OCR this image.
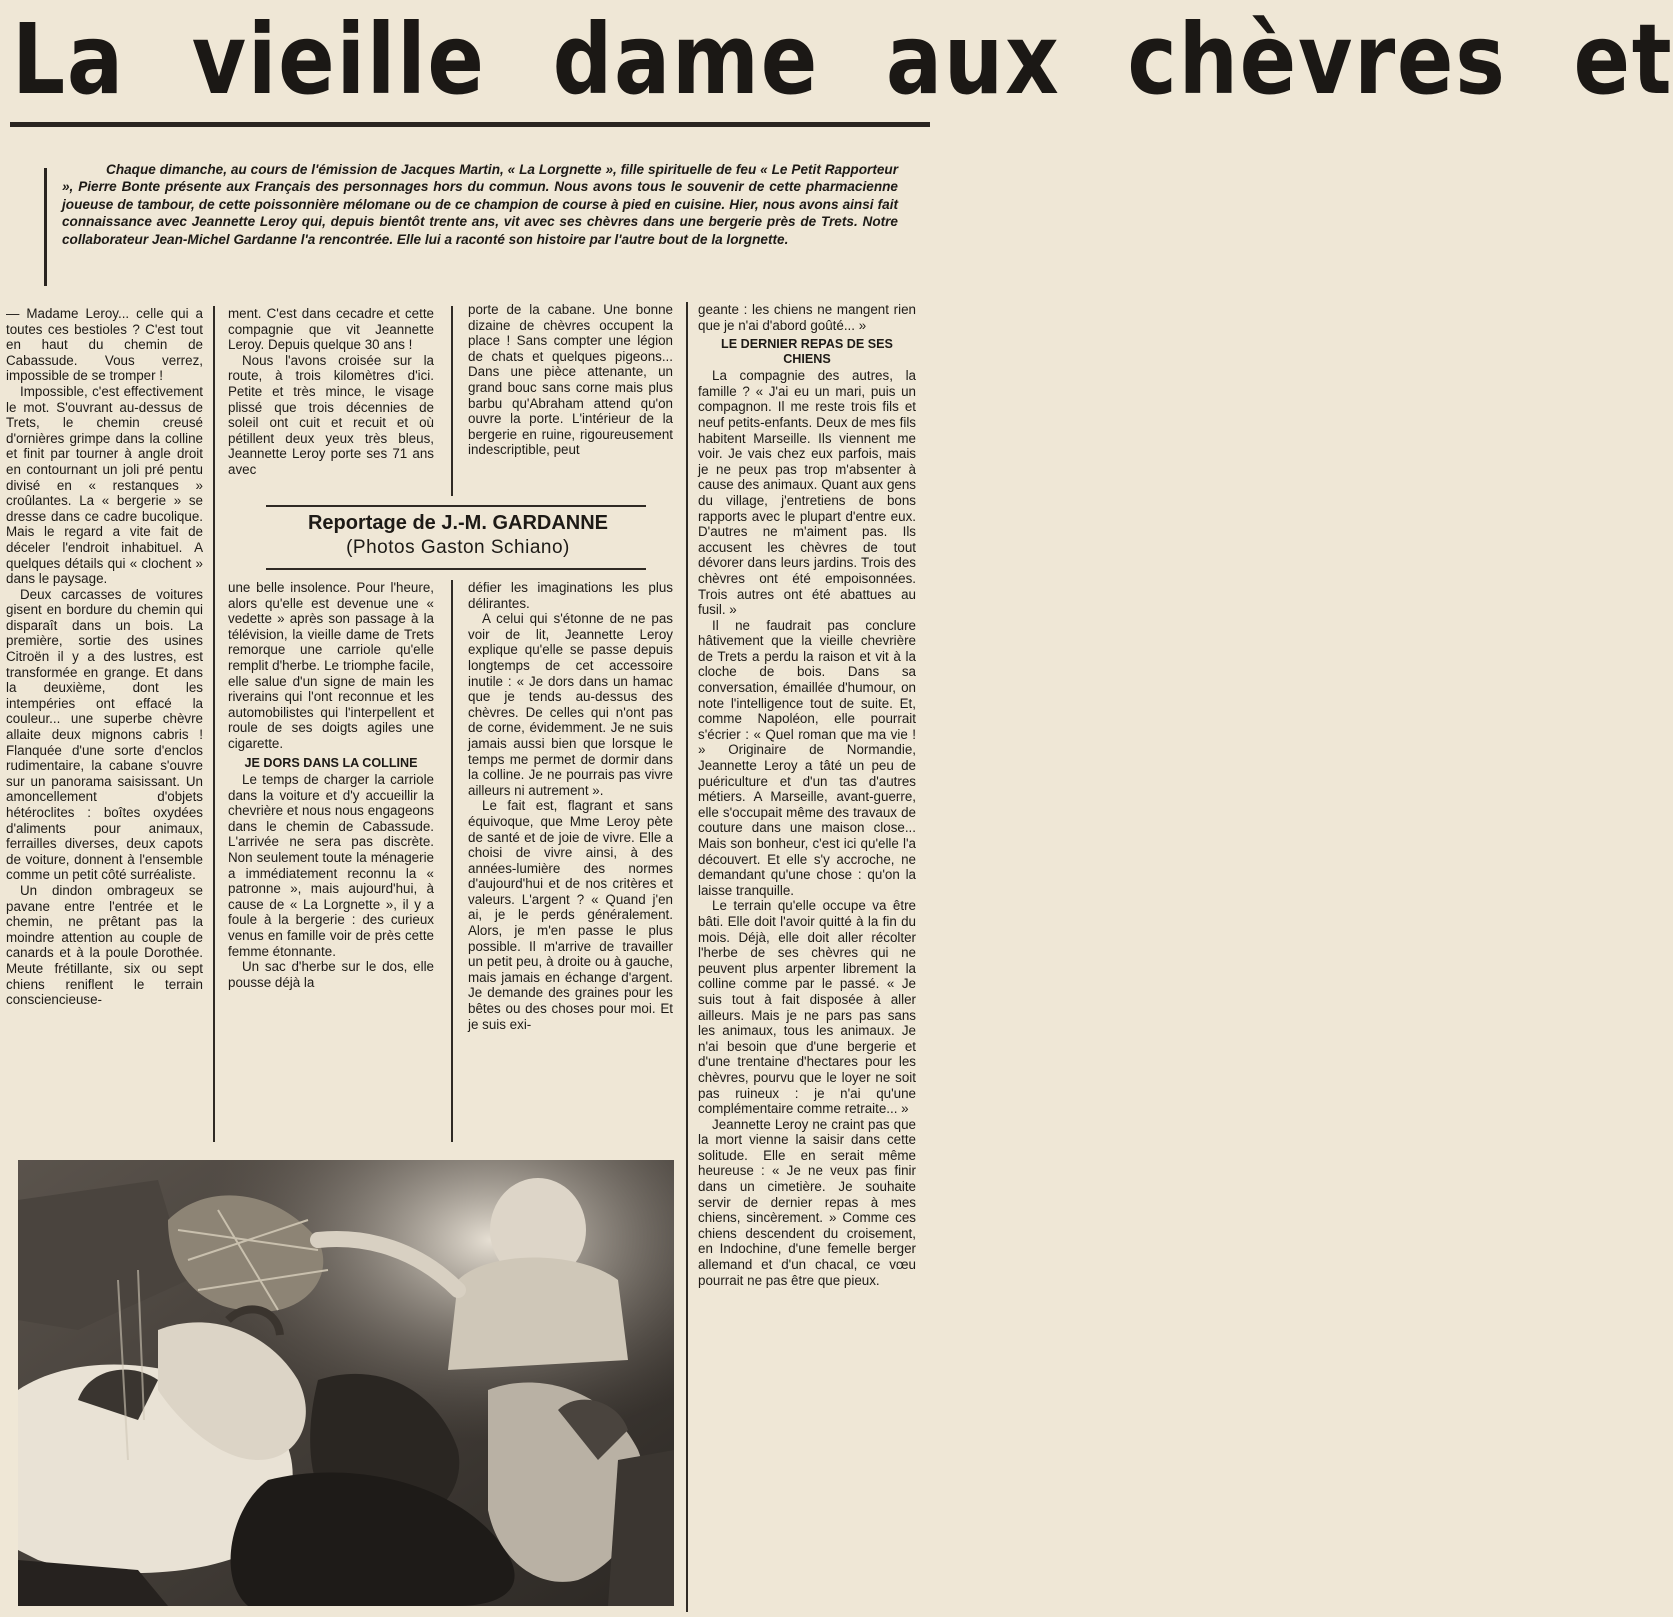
La vieille dame aux chèvres et

Chaque dimanche, au cours de l'émission de Jacques Martin, « La Lorgnette », fille spirituelle de feu « Le Petit Rapporteur », Pierre Bonte présente aux Français des personnages hors du commun. Nous avons tous le souvenir de cette pharmacienne joueuse de tambour, de cette poissonnière mélomane ou de ce champion de course à pied en cuisine. Hier, nous avons ainsi fait connaissance avec Jeannette Leroy qui, depuis bientôt trente ans, vit avec ses chèvres dans une bergerie près de Trets. Notre collaborateur Jean-Michel Gardanne l'a rencontrée. Elle lui a raconté son histoire par l'autre bout de la lorgnette.

— Madame Leroy... celle qui a toutes ces bestioles ? C'est tout en haut du chemin de Cabassude. Vous verrez, impossible de se tromper !

Impossible, c'est effectivement le mot. S'ouvrant au-dessus de Trets, le chemin creusé d'ornières grimpe dans la colline et finit par tourner à angle droit en contournant un joli pré pentu divisé en « restanques » croûlantes. La « bergerie » se dresse dans ce cadre bucolique. Mais le regard a vite fait de déceler l'endroit inhabituel. A quelques détails qui « clochent » dans le paysage.

Deux carcasses de voitures gisent en bordure du chemin qui disparaît dans un bois. La première, sortie des usines Citroën il y a des lustres, est transformée en grange. Et dans la deuxième, dont les intempéries ont effacé la couleur... une superbe chèvre allaite deux mignons cabris ! Flanquée d'une sorte d'enclos rudimentaire, la cabane s'ouvre sur un panorama saisissant. Un amoncellement d'objets hétéroclites : boîtes oxydées d'aliments pour animaux, ferrailles diverses, deux capots de voiture, donnent à l'ensemble comme un petit côté surréaliste.

Un dindon ombrageux se pavane entre l'entrée et le chemin, ne prêtant pas la moindre attention au couple de canards et à la poule Dorothée. Meute frétillante, six ou sept chiens reniflent le terrain consciencieuse-

ment. C'est dans cecadre et cette compagnie que vit Jeannette Leroy. Depuis quelque 30 ans !

Nous l'avons croisée sur la route, à trois kilomètres d'ici. Petite et très mince, le visage plissé que trois décennies de soleil ont cuit et recuit et où pétillent deux yeux très bleus, Jeannette Leroy porte ses 71 ans avec

porte de la cabane. Une bonne dizaine de chèvres occupent la place ! Sans compter une légion de chats et quelques pigeons... Dans une pièce attenante, un grand bouc sans corne mais plus barbu qu'Abraham attend qu'on ouvre la porte. L'intérieur de la bergerie en ruine, rigoureusement indescriptible, peut

Reportage de J.-M. GARDANNE

(Photos Gaston Schiano)

une belle insolence. Pour l'heure, alors qu'elle est devenue une « vedette » après son passage à la télévision, la vieille dame de Trets remorque une carriole qu'elle remplit d'herbe. Le triomphe facile, elle salue d'un signe de main les riverains qui l'ont reconnue et les automobilistes qui l'interpellent et roule de ses doigts agiles une cigarette.

JE DORS DANS LA COLLINE

Le temps de charger la carriole dans la voiture et d'y accueillir la chevrière et nous nous engageons dans le chemin de Cabassude. L'arrivée ne sera pas discrète. Non seulement toute la ménagerie a immédiatement reconnu la « patronne », mais aujourd'hui, à cause de « La Lorgnette », il y a foule à la bergerie : des curieux venus en famille voir de près cette femme étonnante.

Un sac d'herbe sur le dos, elle pousse déjà la

défier les imaginations les plus délirantes.

A celui qui s'étonne de ne pas voir de lit, Jeannette Leroy explique qu'elle se passe depuis longtemps de cet accessoire inutile : « Je dors dans un hamac que je tends au-dessus des chèvres. De celles qui n'ont pas de corne, évidemment. Je ne suis jamais aussi bien que lorsque le temps me permet de dormir dans la colline. Je ne pourrais pas vivre ailleurs ni autrement ».

Le fait est, flagrant et sans équivoque, que Mme Leroy pète de santé et de joie de vivre. Elle a choisi de vivre ainsi, à des années-lumière des normes d'aujourd'hui et de nos critères et valeurs. L'argent ? « Quand j'en ai, je le perds généralement. Alors, je m'en passe le plus possible. Il m'arrive de travailler un petit peu, à droite ou à gauche, mais jamais en échange d'argent. Je demande des graines pour les bêtes ou des choses pour moi. Et je suis exi-

geante : les chiens ne mangent rien que je n'ai d'abord goûté... »

LE DERNIER REPAS DE SES CHIENS

La compagnie des autres, la famille ? « J'ai eu un mari, puis un compagnon. Il me reste trois fils et neuf petits-enfants. Deux de mes fils habitent Marseille. Ils viennent me voir. Je vais chez eux parfois, mais je ne peux pas trop m'absenter à cause des animaux. Quant aux gens du village, j'entretiens de bons rapports avec le plupart d'entre eux. D'autres ne m'aiment pas. Ils accusent les chèvres de tout dévorer dans leurs jardins. Trois des chèvres ont été empoisonnées. Trois autres ont été abattues au fusil. »

Il ne faudrait pas conclure hâtivement que la vieille chevrière de Trets a perdu la raison et vit à la cloche de bois. Dans sa conversation, émaillée d'humour, on note l'intelligence tout de suite. Et, comme Napoléon, elle pourrait s'écrier : « Quel roman que ma vie ! » Originaire de Normandie, Jeannette Leroy a tâté un peu de puériculture et d'un tas d'autres métiers. A Marseille, avant-guerre, elle s'occupait même des travaux de couture dans une maison close... Mais son bonheur, c'est ici qu'elle l'a découvert. Et elle s'y accroche, ne demandant qu'une chose : qu'on la laisse tranquille.

Le terrain qu'elle occupe va être bâti. Elle doit l'avoir quitté à la fin du mois. Déjà, elle doit aller récolter l'herbe de ses chèvres qui ne peuvent plus arpenter librement la colline comme par le passé. « Je suis tout à fait disposée à aller ailleurs. Mais je ne pars pas sans les animaux, tous les animaux. Je n'ai besoin que d'une bergerie et d'une trentaine d'hectares pour les chèvres, pourvu que le loyer ne soit pas ruineux : je n'ai qu'une complémentaire comme retraite... »

Jeannette Leroy ne craint pas que la mort vienne la saisir dans cette solitude. Elle en serait même heureuse : « Je ne veux pas finir dans un cimetière. Je souhaite servir de dernier repas à mes chiens, sincèrement. » Comme ces chiens descendent du croisement, en Indochine, d'une femelle berger allemand et d'un chacal, ce vœu pourrait ne pas être que pieux.
